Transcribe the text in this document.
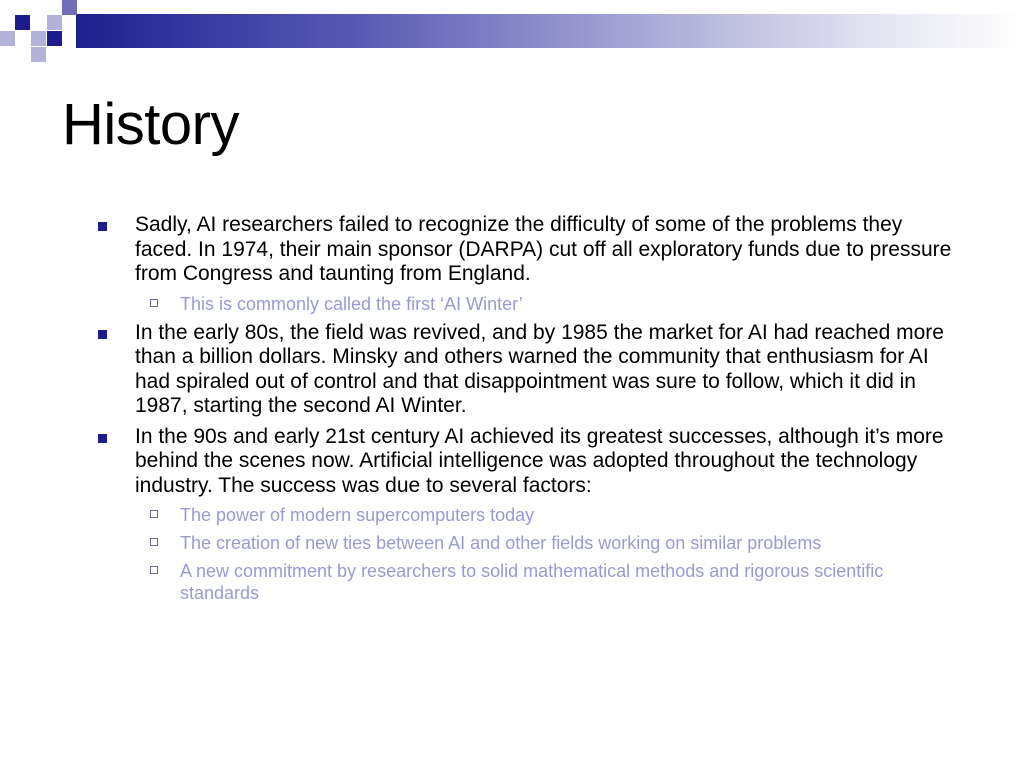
History
Sadly, AI researchers failed to recognize the difficulty of some of the problems they faced. In 1974, their main sponsor (DARPA) cut off all exploratory funds due to pressure from Congress and taunting from England.
This is commonly called the first ‘AI Winter’
In the early 80s, the field was revived, and by 1985 the market for AI had reached more than a billion dollars. Minsky and others warned the community that enthusiasm for AI had spiraled out of control and that disappointment was sure to follow, which it did in 1987, starting the second AI Winter.
In the 90s and early 21st century AI achieved its greatest successes, although it’s more behind the scenes now. Artificial intelligence was adopted throughout the technology industry. The success was due to several factors:
The power of modern supercomputers today
The creation of new ties between AI and other fields working on similar problems
A new commitment by researchers to solid mathematical methods and rigorous scientific standards
